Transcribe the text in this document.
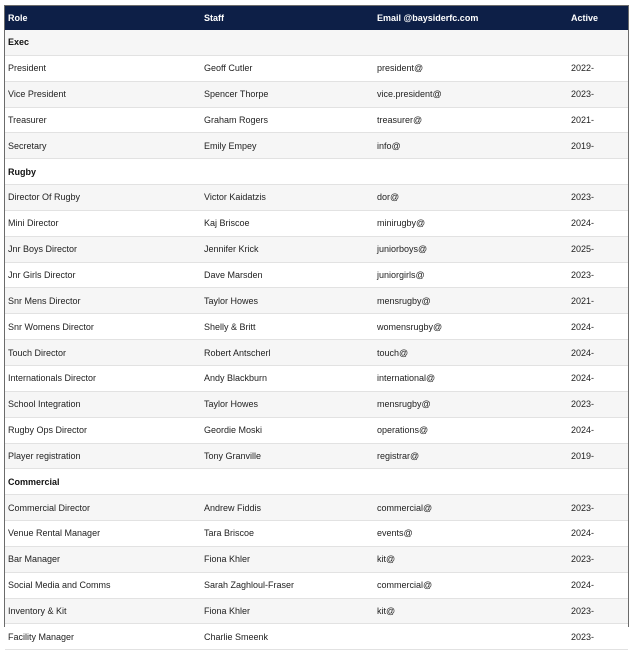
Role	Staff	Email @baysiderfc.com	Active
Exec			
President	Geoff Cutler	president@	2022-
Vice President	Spencer Thorpe	vice.president@	2023-
Treasurer	Graham Rogers	treasurer@	2021-
Secretary	Emily Empey	info@	2019-
Rugby			
Director Of Rugby	Victor Kaidatzis	dor@	2023-
Mini Director	Kaj Briscoe	minirugby@	2024-
Jnr Boys Director	Jennifer Krick	juniorboys@	2025-
Jnr Girls Director	Dave Marsden	juniorgirls@	2023-
Snr Mens Director	Taylor Howes	mensrugby@	2021-
Snr Womens Director	Shelly & Britt	womensrugby@	2024-
Touch Director	Robert Antscherl	touch@	2024-
Internationals Director	Andy Blackburn	international@	2024-
School Integration	Taylor Howes	mensrugby@	2023-
Rugby Ops Director	Geordie Moski	operations@	2024-
Player registration	Tony Granville	registrar@	2019-
Commercial			
Commercial Director	Andrew Fiddis	commercial@	2023-
Venue Rental Manager	Tara Briscoe	events@	2024-
Bar Manager	Fiona Khler	kit@	2023-
Social Media and Comms	Sarah Zaghloul-Fraser	commercial@	2024-
Inventory & Kit	Fiona Khler	kit@	2023-
Facility Manager	Charlie Smeenk		2023-
